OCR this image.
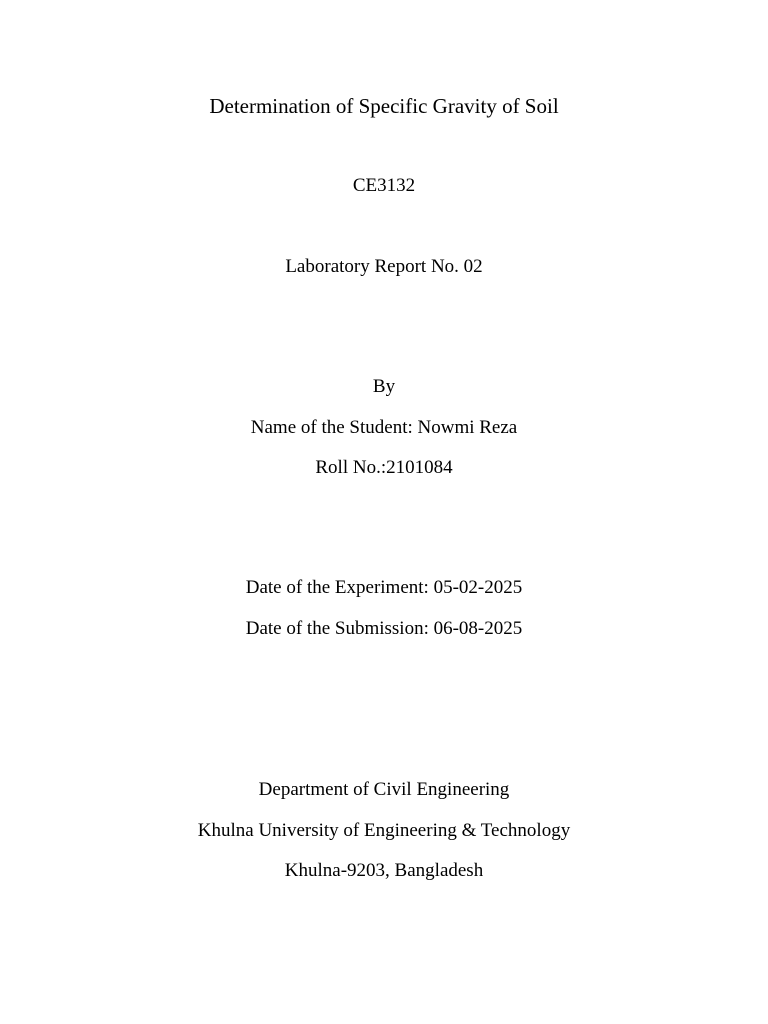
Determination of Specific Gravity of Soil
CE3132
Laboratory Report No. 02
By
Name of the Student: Nowmi Reza
Roll No.:2101084
Date of the Experiment: 05-02-2025
Date of the Submission: 06-08-2025
Department of Civil Engineering
Khulna University of Engineering & Technology
Khulna-9203, Bangladesh
